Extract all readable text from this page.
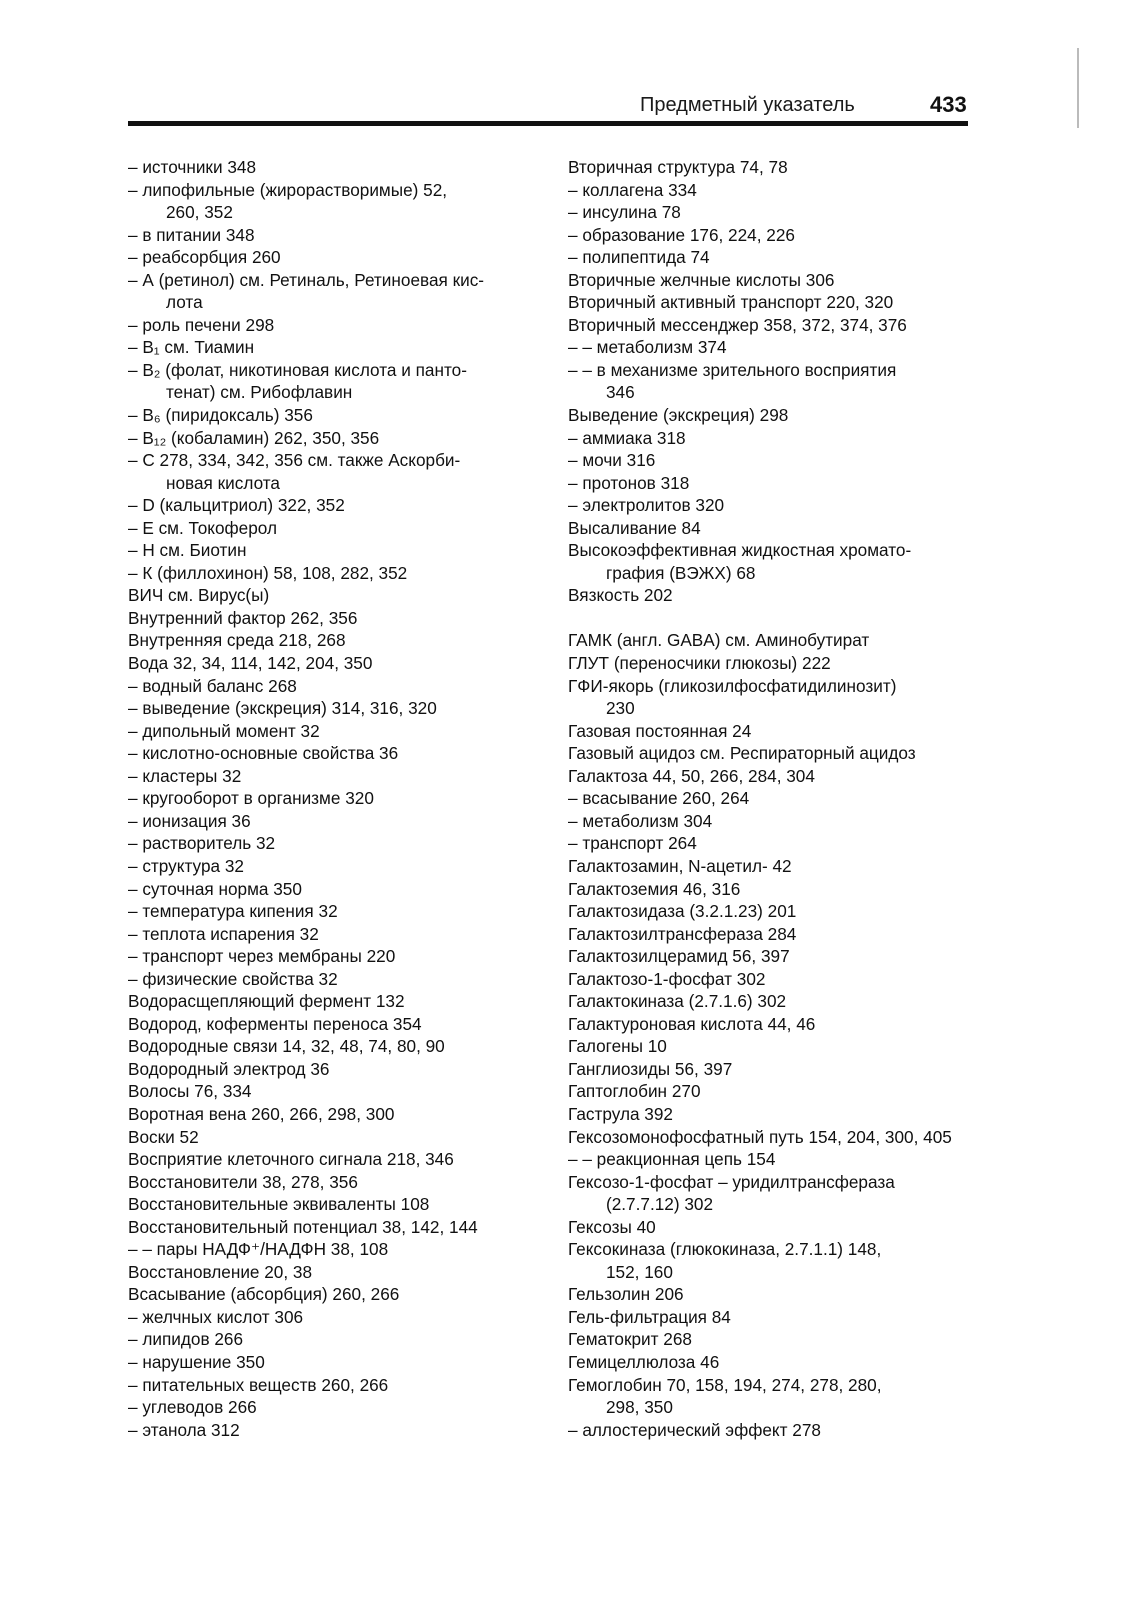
Предметный указатель	433
– источники 348
– липофильные (жирорастворимые) 52,
260, 352
– в питании 348
– реабсорбция 260
– А (ретинол) см. Ретиналь, Ретиноевая кис-
лота
– роль печени 298
– B₁ см. Тиамин
– B₂ (фолат, никотиновая кислота и панто-
тенат) см. Рибофлавин
– B₆ (пиридоксаль) 356
– B₁₂ (кобаламин) 262, 350, 356
– С 278, 334, 342, 356 см. также Аскорби-
новая кислота
– D (кальцитриол) 322, 352
– Е см. Токоферол
– Н см. Биотин
– К (филлохинон) 58, 108, 282, 352
ВИЧ см. Вирус(ы)
Внутренний фактор 262, 356
Внутренняя среда 218, 268
Вода 32, 34, 114, 142, 204, 350
– водный баланс 268
– выведение (экскреция) 314, 316, 320
– дипольный момент 32
– кислотно-основные свойства 36
– кластеры 32
– кругооборот в организме 320
– ионизация 36
– растворитель 32
– структура 32
– суточная норма 350
– температура кипения 32
– теплота испарения 32
– транспорт через мембраны 220
– физические свойства 32
Водорасщепляющий фермент 132
Водород, коферменты переноса 354
Водородные связи 14, 32, 48, 74, 80, 90
Водородный электрод 36
Волосы 76, 334
Воротная вена 260, 266, 298, 300
Воски 52
Восприятие клеточного сигнала 218, 346
Восстановители 38, 278, 356
Восстановительные эквиваленты 108
Восстановительный потенциал 38, 142, 144
– – пары НАДФ⁺/НАДФН 38, 108
Восстановление 20, 38
Всасывание (абсорбция) 260, 266
– желчных кислот 306
– липидов 266
– нарушение 350
– питательных веществ 260, 266
– углеводов 266
– этанола 312
Вторичная структура 74, 78
– коллагена 334
– инсулина 78
– образование 176, 224, 226
– полипептида 74
Вторичные желчные кислоты 306
Вторичный активный транспорт 220, 320
Вторичный мессенджер 358, 372, 374, 376
– – метаболизм 374
– – в механизме зрительного восприятия
346
Выведение (экскреция) 298
– аммиака 318
– мочи 316
– протонов 318
– электролитов 320
Высаливание 84
Высокоэффективная жидкостная хромато-
графия (ВЭЖХ) 68
Вязкость 202
ГАМК (англ. GABA) см. Аминобутират
ГЛУТ (переносчики глюкозы) 222
ГФИ-якорь (гликозилфосфатидилинозит)
230
Газовая постоянная 24
Газовый ацидоз см. Респираторный ацидоз
Галактоза 44, 50, 266, 284, 304
– всасывание 260, 264
– метаболизм 304
– транспорт 264
Галактозамин, N-ацетил- 42
Галактоземия 46, 316
Галактозидаза (3.2.1.23) 201
Галактозилтрансфераза 284
Галактозилцерамид 56, 397
Галактозо-1-фосфат 302
Галактокиназа (2.7.1.6) 302
Галактуроновая кислота 44, 46
Галогены 10
Ганглиозиды 56, 397
Гаптоглобин 270
Гаструла 392
Гексозомонофосфатный путь 154, 204, 300, 405
– – реакционная цепь 154
Гексозо-1-фосфат – уридилтрансфераза
(2.7.7.12) 302
Гексозы 40
Гексокиназа (глюкокиназа, 2.7.1.1) 148,
152, 160
Гельзолин 206
Гель-фильтрация 84
Гематокрит 268
Гемицеллюлоза 46
Гемоглобин 70, 158, 194, 274, 278, 280,
298, 350
– аллостерический эффект 278
